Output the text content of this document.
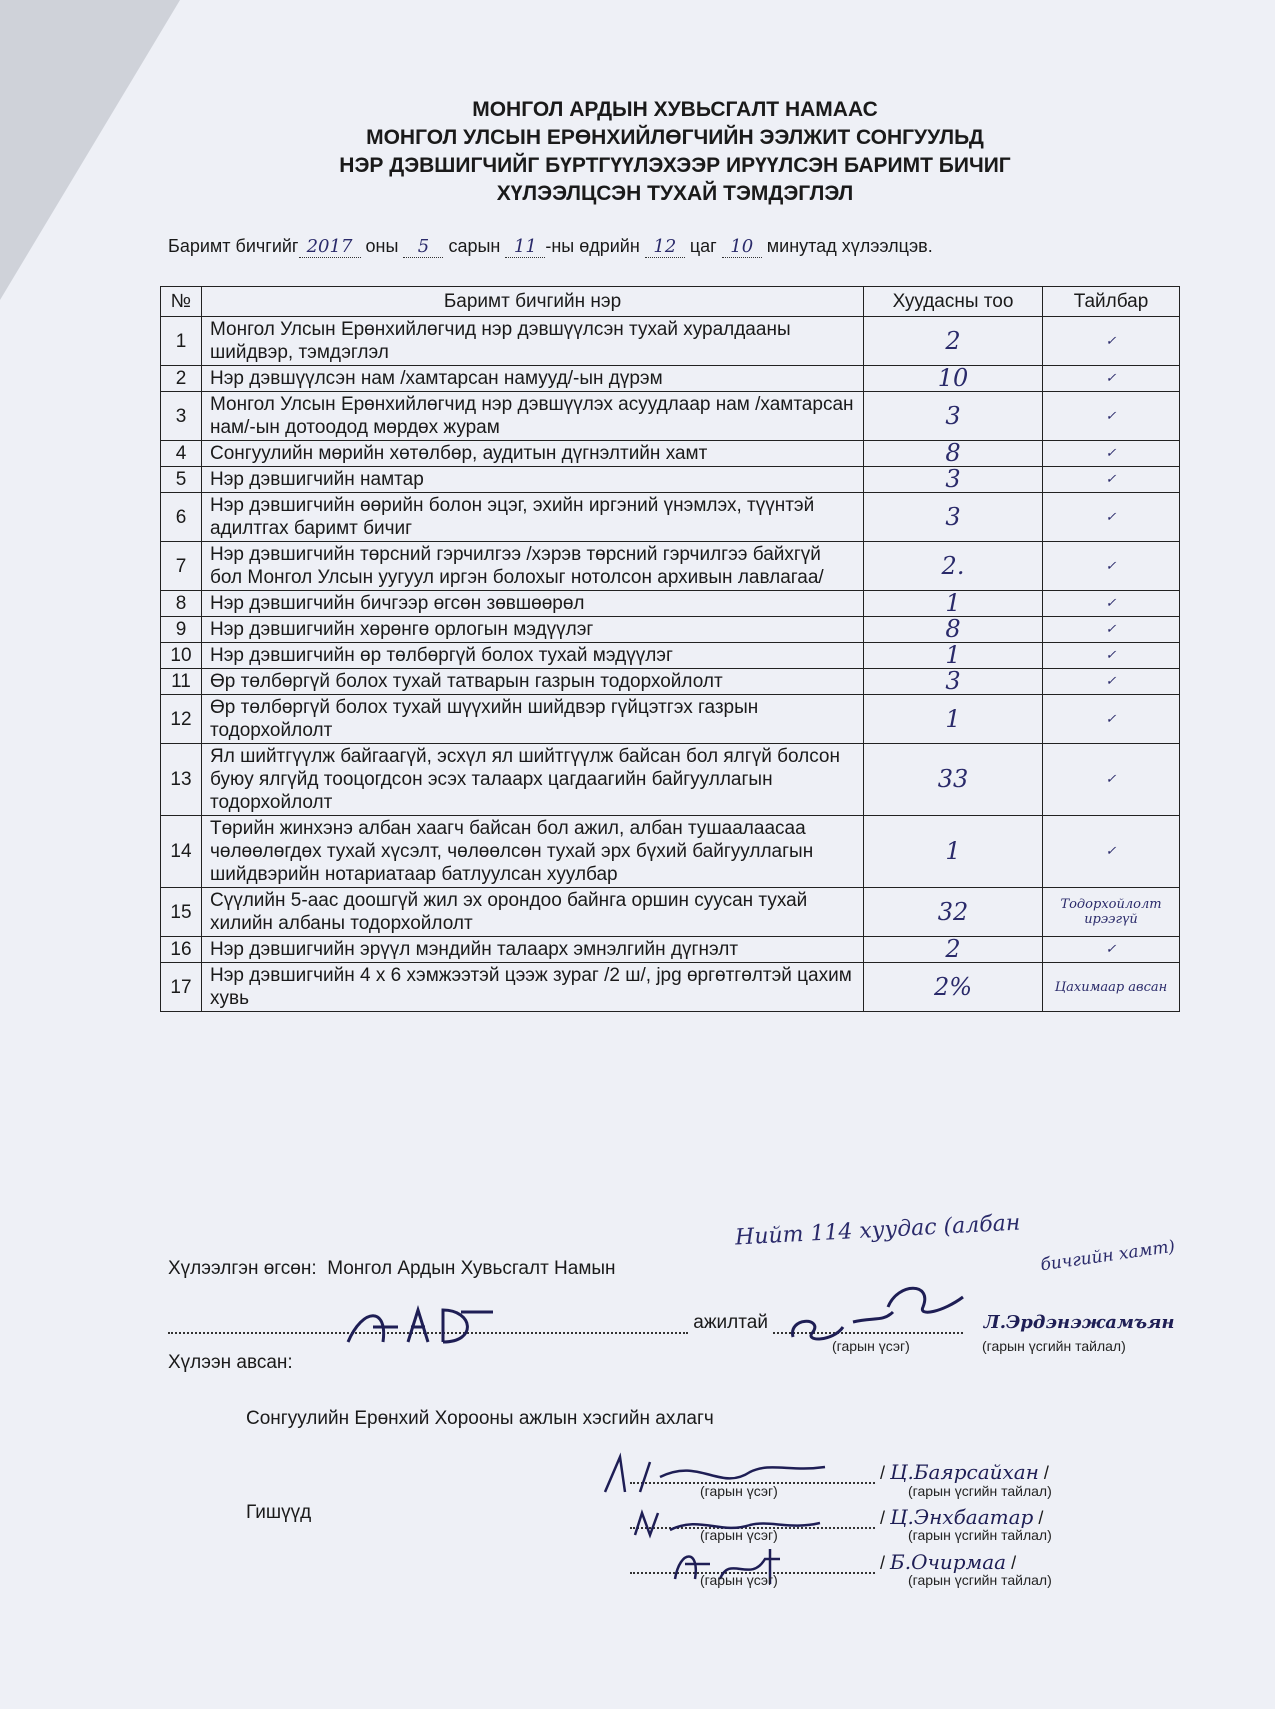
МОНГОЛ АРДЫН ХУВЬСГАЛТ НАМААС
МОНГОЛ УЛСЫН ЕРӨНХИЙЛӨГЧИЙН ЭЭЛЖИТ СОНГУУЛЬД
НЭР ДЭВШИГЧИЙГ БҮРТГҮҮЛЭХЭЭР ИРҮҮЛСЭН БАРИМТ БИЧИГ
ХҮЛЭЭЛЦСЭН ТУХАЙ ТЭМДЭГЛЭЛ
Баримт бичгийг 2017 оны 5 сарын 11 -ны өдрийн 12 цаг 10 минутад хүлээлцэв.
№	Баримт бичгийн нэр	Хуудасны тоо	Тайлбар
1	Монгол Улсын Ерөнхийлөгчид нэр дэвшүүлсэн тухай хуралдааны шийдвэр, тэмдэглэл	2	✓
2	Нэр дэвшүүлсэн нам /хамтарсан намууд/-ын дүрэм	10	✓
3	Монгол Улсын Ерөнхийлөгчид нэр дэвшүүлэх асуудлаар нам /хамтарсан нам/-ын дотоодод мөрдөх журам	3	✓
4	Сонгуулийн мөрийн хөтөлбөр, аудитын дүгнэлтийн хамт	8	✓
5	Нэр дэвшигчийн намтар	3	✓
6	Нэр дэвшигчийн өөрийн болон эцэг, эхийн иргэний үнэмлэх, түүнтэй адилтгах баримт бичиг	3	✓
7	Нэр дэвшигчийн төрсний гэрчилгээ /хэрэв төрсний гэрчилгээ байхгүй бол Монгол Улсын уугуул иргэн болохыг нотолсон архивын лавлагаа/	2.	✓
8	Нэр дэвшигчийн бичгээр өгсөн зөвшөөрөл	1	✓
9	Нэр дэвшигчийн хөрөнгө орлогын мэдүүлэг	8	✓
10	Нэр дэвшигчийн өр төлбөргүй болох тухай мэдүүлэг	1	✓
11	Өр төлбөргүй болох тухай татварын газрын тодорхойлолт	3	✓
12	Өр төлбөргүй болох тухай шүүхийн шийдвэр гүйцэтгэх газрын тодорхойлолт	1	✓
13	Ял шийтгүүлж байгаагүй, эсхүл ял шийтгүүлж байсан бол ялгүй болсон буюу ялгүйд тооцогдсон эсэх талаарх цагдаагийн байгууллагын тодорхойлолт	33	✓
14	Төрийн жинхэнэ албан хаагч байсан бол ажил, албан тушаалаасаа чөлөөлөгдөх тухай хүсэлт, чөлөөлсөн тухай эрх бүхий байгууллагын шийдвэрийн нотариатаар батлуулсан хуулбар	1	✓
15	Сүүлийн 5-аас доошгүй жил эх орондоо байнга оршин суусан тухай хилийн албаны тодорхойлолт	32	Тодорхойлолт ирээгүй
16	Нэр дэвшигчийн эрүүл мэндийн талаарх эмнэлгийн дүгнэлт	2	✓
17	Нэр дэвшигчийн 4 х 6 хэмжээтэй цээж зураг /2 ш/, jpg өргөтгөлтэй цахим хувь	2%	Цахимаар авсан
Нийт 114 хуудас (албан
бичгийн хамт)
Хүлээлгэн өгсөн: Монгол Ардын Хувьсгалт Намын
ажилтай	Л.Эрдэнэжамъян
(гарын үсэг)	(гарын үсгийн тайлал)
Хүлээн авсан:
Сонгуулийн Ерөнхий Хорооны ажлын хэсгийн ахлагч
/ Ц.Баярсайхан /
(гарын үсэг)	(гарын үсгийн тайлал)
Гишүүд	/ Ц.Энхбаатар /
(гарын үсэг)	(гарын үсгийн тайлал)
/ Б.Очирмаа /
(гарын үсэг)	(гарын үсгийн тайлал)
